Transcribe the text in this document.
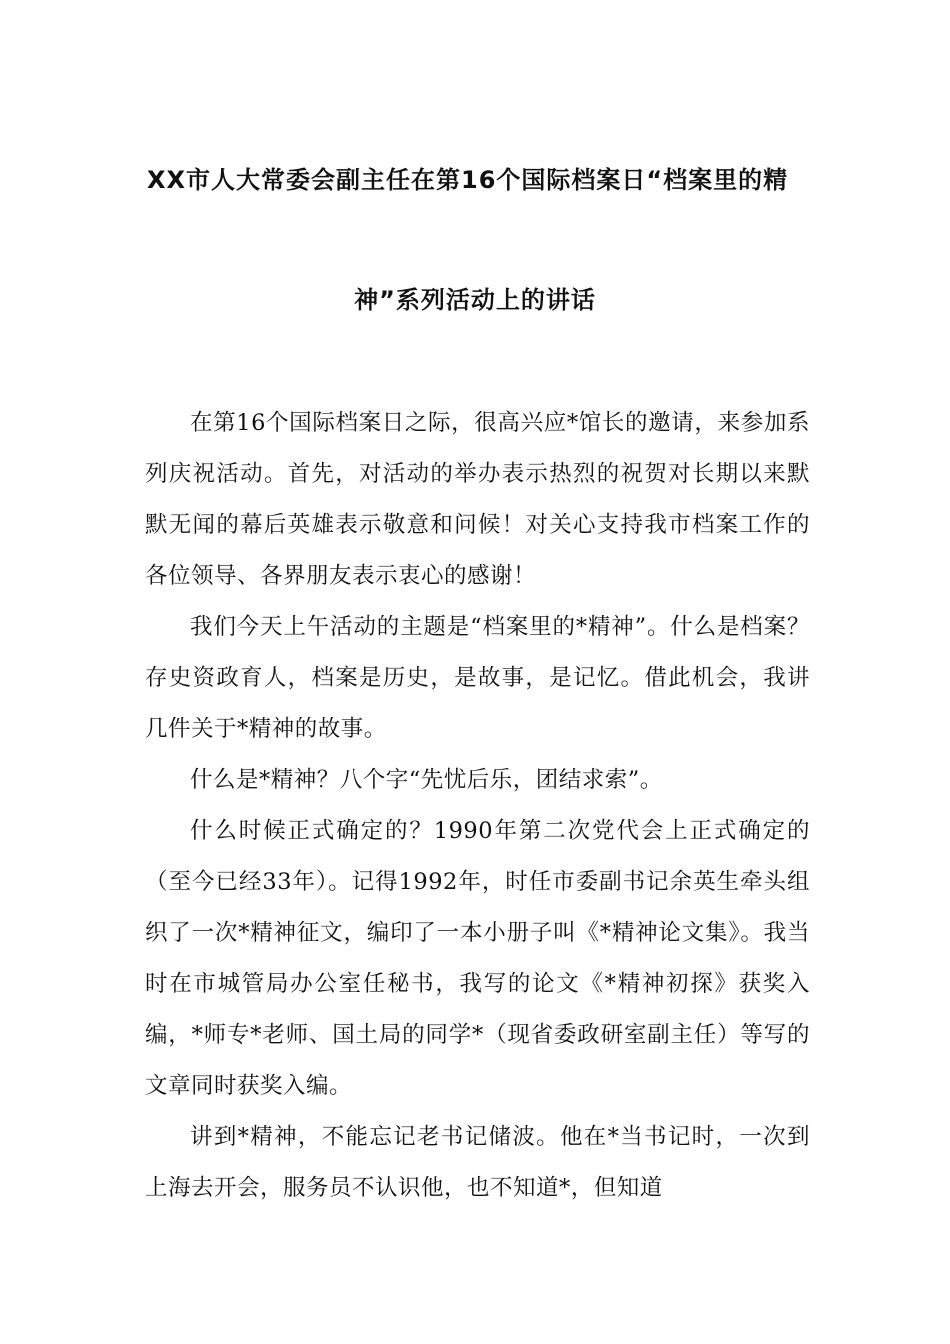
XX市人大常委会副主任在第16个国际档案日“档案里的精
神”系列活动上的讲话

在第16个国际档案日之际，很高兴应*馆长的邀请，来参加系列庆祝活动。首先，对活动的举办表示热烈的祝贺对长期以来默默无闻的幕后英雄表示敬意和问候！对关心支持我市档案工作的各位领导、各界朋友表示衷心的感谢！

我们今天上午活动的主题是“档案里的*精神”。什么是档案？存史资政育人，档案是历史，是故事，是记忆。借此机会，我讲几件关于*精神的故事。

什么是*精神？八个字“先忧后乐，团结求索”。

什么时候正式确定的？1990年第二次党代会上正式确定的（至今已经33年）。记得1992年，时任市委副书记余英生牵头组织了一次*精神征文，编印了一本小册子叫《*精神论文集》。我当时在市城管局办公室任秘书，我写的论文《*精神初探》获奖入编，*师专*老师、国土局的同学*（现省委政研室副主任）等写的文章同时获奖入编。

讲到*精神，不能忘记老书记储波。他在*当书记时，一次到上海去开会，服务员不认识他，也不知道*，但知道
